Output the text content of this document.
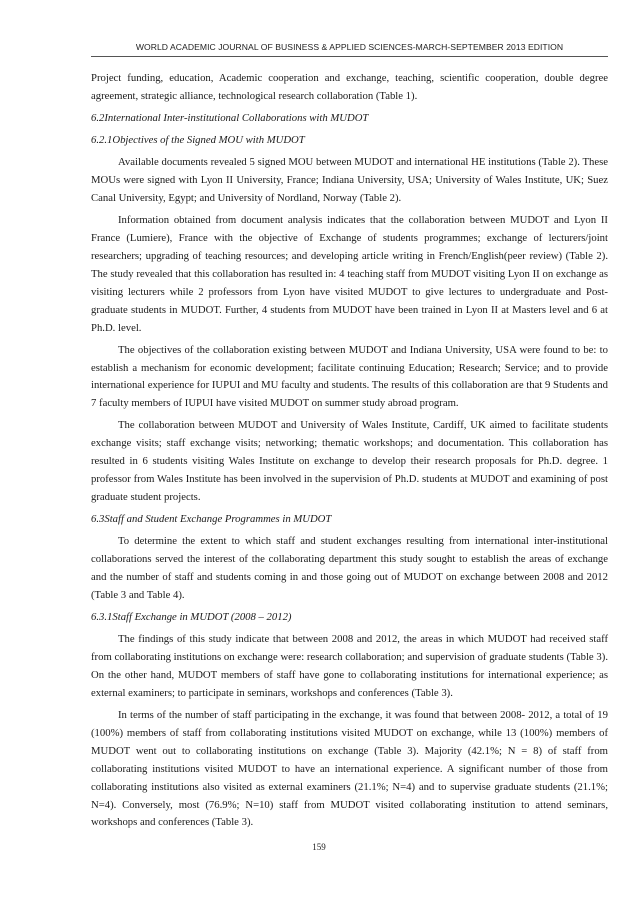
WORLD ACADEMIC JOURNAL OF BUSINESS & APPLIED SCIENCES-MARCH-SEPTEMBER 2013 EDITION

Project funding, education, Academic cooperation and exchange, teaching, scientific cooperation, double degree agreement, strategic alliance, technological research collaboration (Table 1).

6.2International Inter-institutional Collaborations with MUDOT
6.2.1Objectives of the Signed MOU with MUDOT

Available documents revealed 5 signed MOU between MUDOT and international HE institutions (Table 2). These MOUs were signed with Lyon II University, France; Indiana University, USA; University of Wales Institute, UK; Suez Canal University, Egypt; and University of Nordland, Norway (Table 2).

Information obtained from document analysis indicates that the collaboration between MUDOT and Lyon II France (Lumiere), France with the objective of Exchange of students programmes; exchange of lecturers/joint researchers; upgrading of teaching resources; and developing article writing in French/English(peer review) (Table 2). The study revealed that this collaboration has resulted in: 4 teaching staff from MUDOT visiting Lyon II on exchange as visiting lecturers while 2 professors from Lyon have visited MUDOT to give lectures to undergraduate and Post-graduate students in MUDOT. Further, 4 students from MUDOT have been trained in Lyon II at Masters level and 6 at Ph.D. level.

The objectives of the collaboration existing between MUDOT and Indiana University, USA were found to be: to establish a mechanism for economic development; facilitate continuing Education; Research; Service; and to provide international experience for IUPUI and MU faculty and students. The results of this collaboration are that 9 Students and 7 faculty members of IUPUI have visited MUDOT on summer study abroad program.

The collaboration between MUDOT and University of Wales Institute, Cardiff, UK aimed to facilitate students exchange visits; staff exchange visits; networking; thematic workshops; and documentation. This collaboration has resulted in 6 students visiting Wales Institute on exchange to develop their research proposals for Ph.D. degree. 1 professor from Wales Institute has been involved in the supervision of Ph.D. students at MUDOT and examining of post graduate student projects.

6.3Staff and Student Exchange Programmes in MUDOT

To determine the extent to which staff and student exchanges resulting from international inter-institutional collaborations served the interest of the collaborating department this study sought to establish the areas of exchange and the number of staff and students coming in and those going out of MUDOT on exchange between 2008 and 2012 (Table 3 and Table 4).

6.3.1Staff Exchange in MUDOT (2008 – 2012)

The findings of this study indicate that between 2008 and 2012, the areas in which MUDOT had received staff from collaborating institutions on exchange were: research collaboration; and supervision of graduate students (Table 3). On the other hand, MUDOT members of staff have gone to collaborating institutions for international experience; as external examiners; to participate in seminars, workshops and conferences (Table 3).

In terms of the number of staff participating in the exchange, it was found that between 2008- 2012, a total of 19 (100%) members of staff from collaborating institutions visited MUDOT on exchange, while 13 (100%) members of MUDOT went out to collaborating institutions on exchange (Table 3). Majority (42.1%; N = 8) of staff from collaborating institutions visited MUDOT to have an international experience. A significant number of those from collaborating institutions also visited as external examiners (21.1%; N=4) and to supervise graduate students (21.1%; N=4). Conversely, most (76.9%; N=10) staff from MUDOT visited collaborating institution to attend seminars, workshops and conferences (Table 3).

159
